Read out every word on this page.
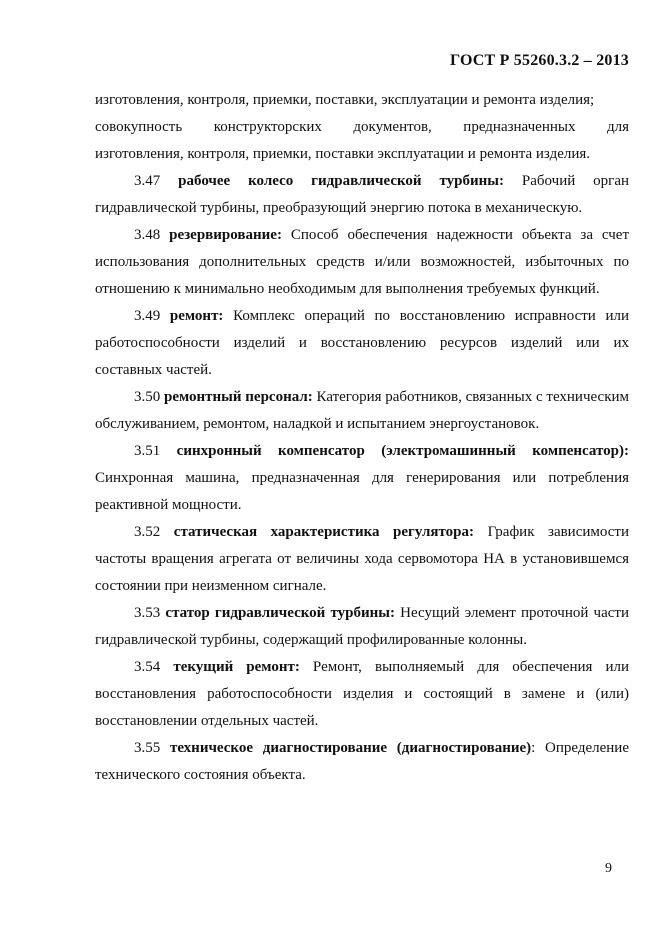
ГОСТ Р 55260.3.2 – 2013

изготовления, контроля, приемки, поставки, эксплуатации и ремонта изделия;

совокупность конструкторских документов, предназначенных для

изготовления, контроля, приемки, поставки эксплуатации и ремонта изделия.

3.47 рабочее колесо гидравлической турбины: Рабочий орган гидравлической турбины, преобразующий энергию потока в механическую.

3.48 резервирование: Способ обеспечения надежности объекта за счет использования дополнительных средств и/или возможностей, избыточных по отношению к минимально необходимым для выполнения требуемых функций.

3.49 ремонт: Комплекс операций по восстановлению исправности или работоспособности изделий и восстановлению ресурсов изделий или их составных частей.

3.50 ремонтный персонал: Категория работников, связанных с техническим обслуживанием, ремонтом, наладкой и испытанием энергоустановок.

3.51 синхронный компенсатор (электромашинный компенсатор): Синхронная машина, предназначенная для генерирования или потребления реактивной мощности.

3.52 статическая характеристика регулятора: График зависимости частоты вращения агрегата от величины хода сервомотора НА в установившемся состоянии при неизменном сигнале.

3.53 статор гидравлической турбины: Несущий элемент проточной части гидравлической турбины, содержащий профилированные колонны.

3.54 текущий ремонт: Ремонт, выполняемый для обеспечения или восстановления работоспособности изделия и состоящий в замене и (или) восстановлении отдельных частей.

3.55 техническое диагностирование (диагностирование): Определение технического состояния объекта.

9
